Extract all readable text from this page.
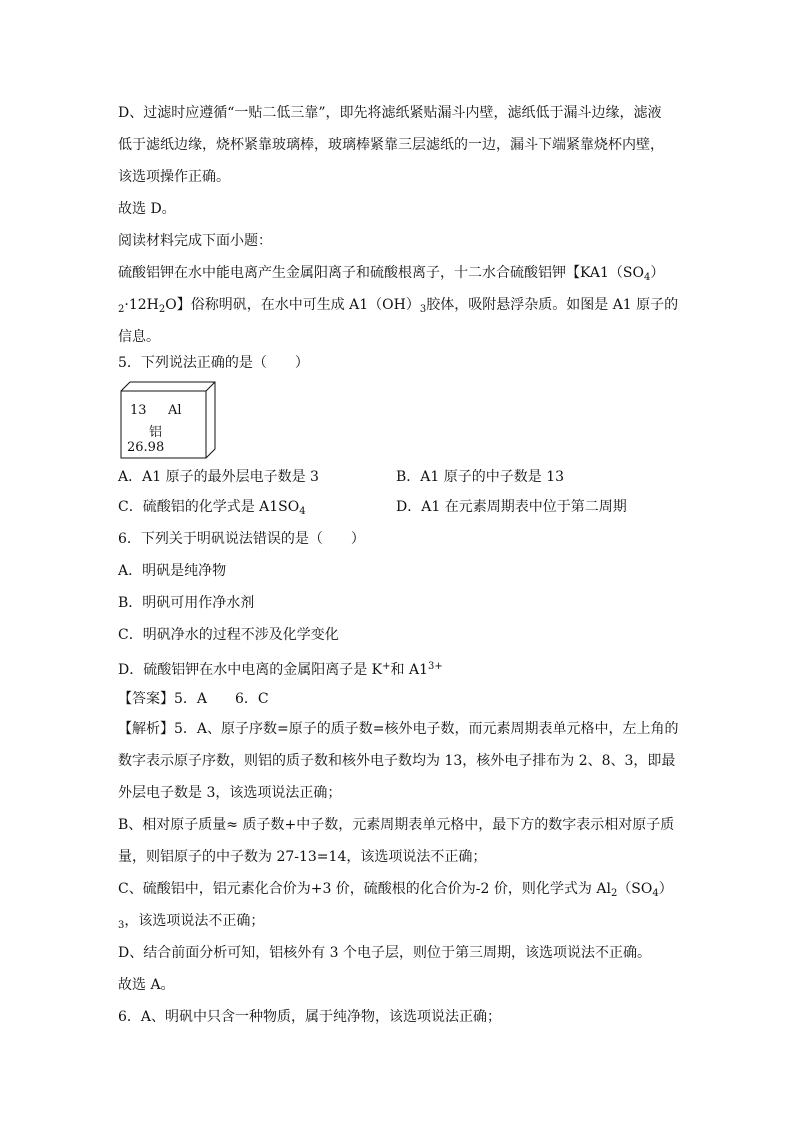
D、过滤时应遵循“一贴二低三靠”，即先将滤纸紧贴漏斗内壁，滤纸低于漏斗边缘，滤液
低于滤纸边缘，烧杯紧靠玻璃棒，玻璃棒紧靠三层滤纸的一边，漏斗下端紧靠烧杯内壁，
该选项操作正确。
故选 D。
阅读材料完成下面小题：
硫酸铝钾在水中能电离产生金属阳离子和硫酸根离子，十二水合硫酸铝钾【$KA1(SO_4)$
$_2\cdot 12H_2O$】俗称明矾，在水中可生成 $A1(OH)_3$胶体，吸附悬浮杂质。如图是 A1 原子的
信息。
5．下列说法正确的是（　　）
13 Al
铝
26.98
A．A1 原子的最外层电子数是 3	B．A1 原子的中子数是 13
C．硫酸铝的化学式是 $A1SO_4$	D．A1 在元素周期表中位于第二周期
6．下列关于明矾说法错误的是（　　）
A．明矾是纯净物
B．明矾可用作净水剂
C．明矾净水的过程不涉及化学变化
D．硫酸铝钾在水中电离的金属阳离子是 K+和 $A1^{3+}$
【答案】5．A　　6．C
【解析】5．A、原子序数=原子的质子数=核外电子数，而元素周期表单元格中，左上角的
数字表示原子序数，则铝的质子数和核外电子数均为 13，核外电子排布为 2、8、3，即最
外层电子数是 3，该选项说法正确；
B、相对原子质量≈ 质子数+中子数，元素周期表单元格中，最下方的数字表示相对原子质
量，则铝原子的中子数为 27-13=14，该选项说法不正确；
C、硫酸铝中，铝元素化合价为+3 价，硫酸根的化合价为-2 价，则化学式为 $Al_2(SO_4)$
$_3$，该选项说法不正确；
D、结合前面分析可知，铝核外有 3 个电子层，则位于第三周期，该选项说法不正确。
故选 A。
6．A、明矾中只含一种物质，属于纯净物，该选项说法正确；
